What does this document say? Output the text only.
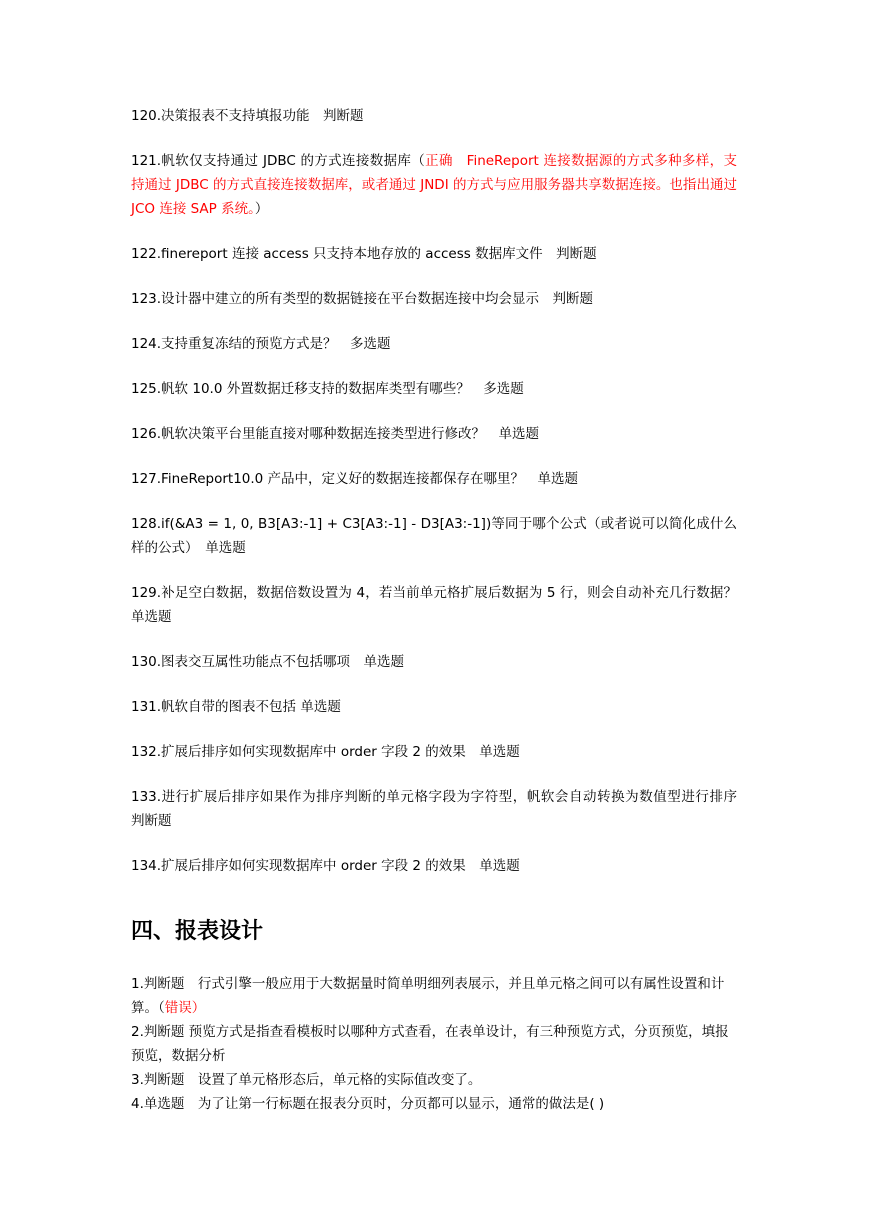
120.决策报表不支持填报功能　判断题

121.帆软仅支持通过 JDBC 的方式连接数据库（正确　FineReport 连接数据源的方式多种多样，支持通过 JDBC 的方式直接连接数据库，或者通过 JNDI 的方式与应用服务器共享数据连接。也指出通过 JCO 连接 SAP 系统。）

122.finereport 连接 access 只支持本地存放的 access 数据库文件　判断题

123.设计器中建立的所有类型的数据链接在平台数据连接中均会显示　判断题

124.支持重复冻结的预览方式是？　多选题

125.帆软 10.0 外置数据迁移支持的数据库类型有哪些？　多选题

126.帆软决策平台里能直接对哪种数据连接类型进行修改？　单选题

127.FineReport10.0 产品中，定义好的数据连接都保存在哪里？　单选题

128.if(&A3 = 1, 0, B3[A3:-1] + C3[A3:-1] - D3[A3:-1])等同于哪个公式（或者说可以简化成什么样的公式）　单选题

129.补足空白数据，数据倍数设置为 4，若当前单元格扩展后数据为 5 行，则会自动补充几行数据？　单选题

130.图表交互属性功能点不包括哪项　单选题

131.帆软自带的图表不包括 单选题

132.扩展后排序如何实现数据库中 order 字段 2 的效果　单选题

133.进行扩展后排序如果作为排序判断的单元格字段为字符型，帆软会自动转换为数值型进行排序　判断题

134.扩展后排序如何实现数据库中 order 字段 2 的效果　单选题

四、报表设计

1.判断题　行式引擎一般应用于大数据量时简单明细列表展示，并且单元格之间可以有属性设置和计算。（错误）

2.判断题 预览方式是指查看模板时以哪种方式查看，在表单设计，有三种预览方式，分页预览，填报预览，数据分析

3.判断题　设置了单元格形态后，单元格的实际值改变了。

4.单选题　为了让第一行标题在报表分页时，分页都可以显示，通常的做法是( )
